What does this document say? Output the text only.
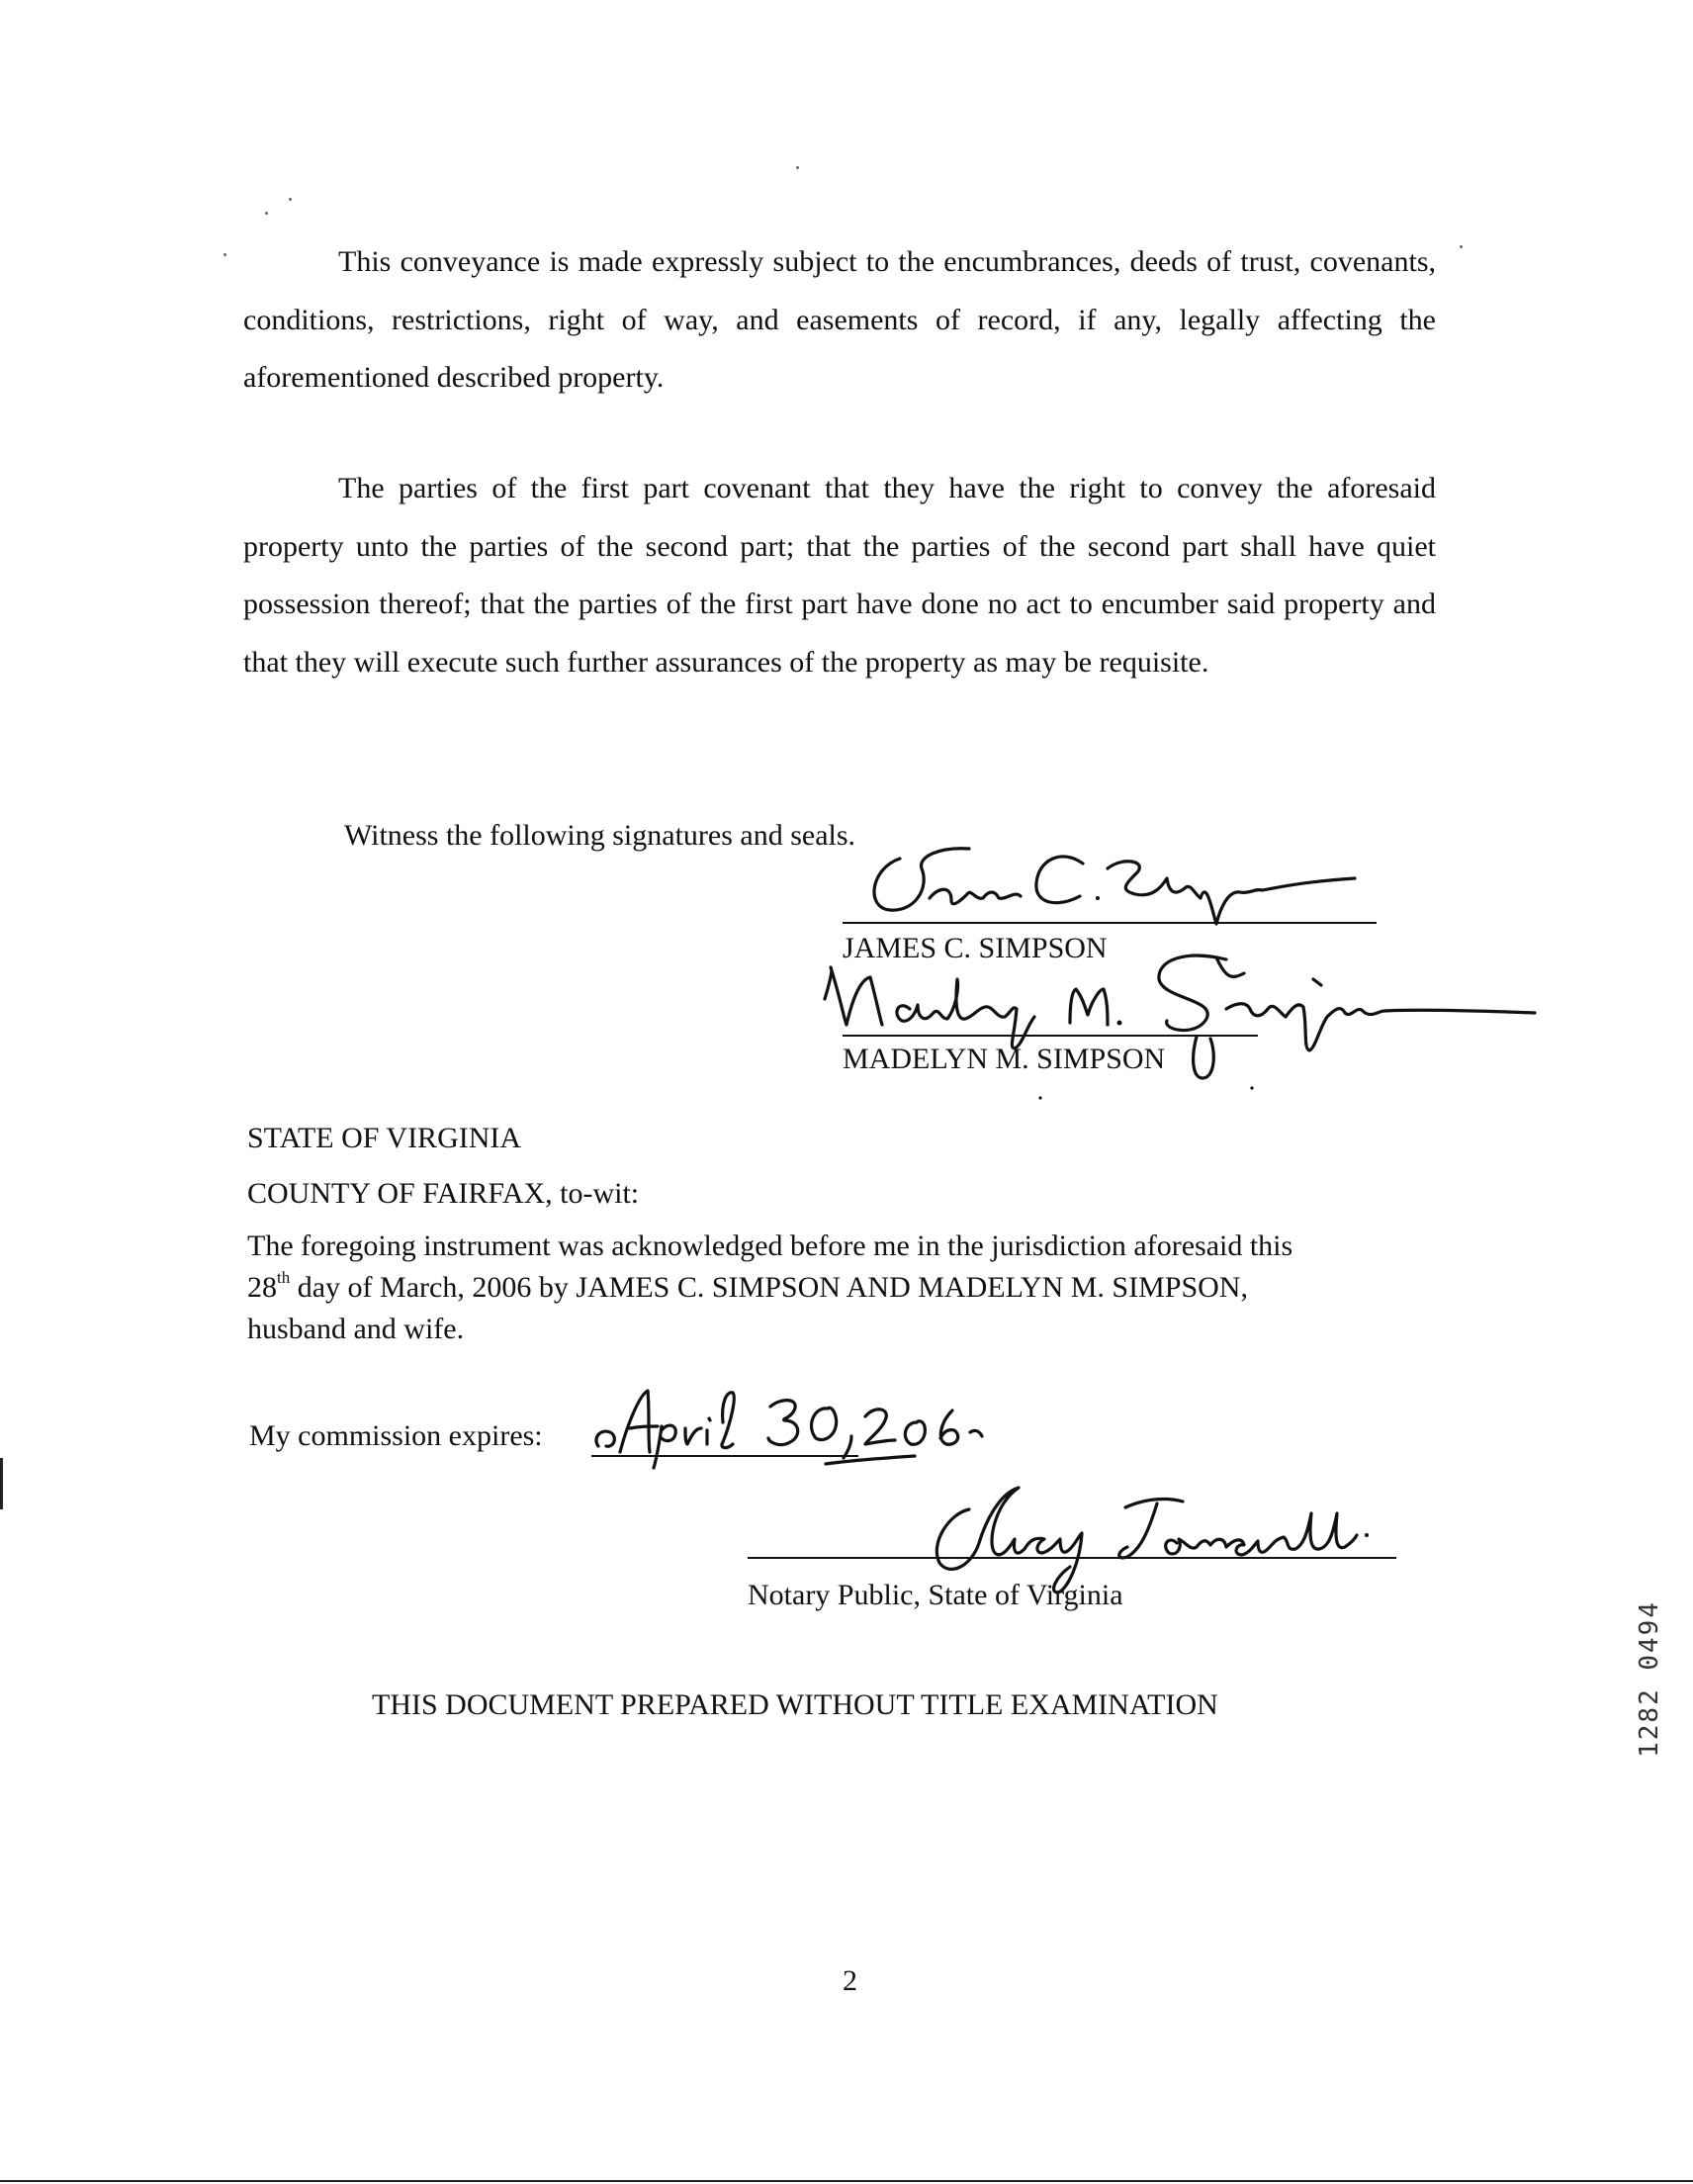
This conveyance is made expressly subject to the encumbrances, deeds of trust, covenants, conditions, restrictions, right of way, and easements of record, if any, legally affecting the aforementioned described property.

The parties of the first part covenant that they have the right to convey the aforesaid property unto the parties of the second part; that the parties of the second part shall have quiet possession thereof; that the parties of the first part have done no act to encumber said property and that they will execute such further assurances of the property as may be requisite.

Witness the following signatures and seals.

JAMES C. SIMPSON

MADELYN M. SIMPSON

STATE OF VIRGINIA

COUNTY OF FAIRFAX, to-wit:

The foregoing instrument was acknowledged before me in the jurisdiction aforesaid this

28th day of March, 2006 by JAMES C. SIMPSON AND MADELYN M. SIMPSON,

husband and wife.

My commission expires:

Notary Public, State of Virginia

THIS DOCUMENT PREPARED WITHOUT TITLE EXAMINATION

2

1282 0494
